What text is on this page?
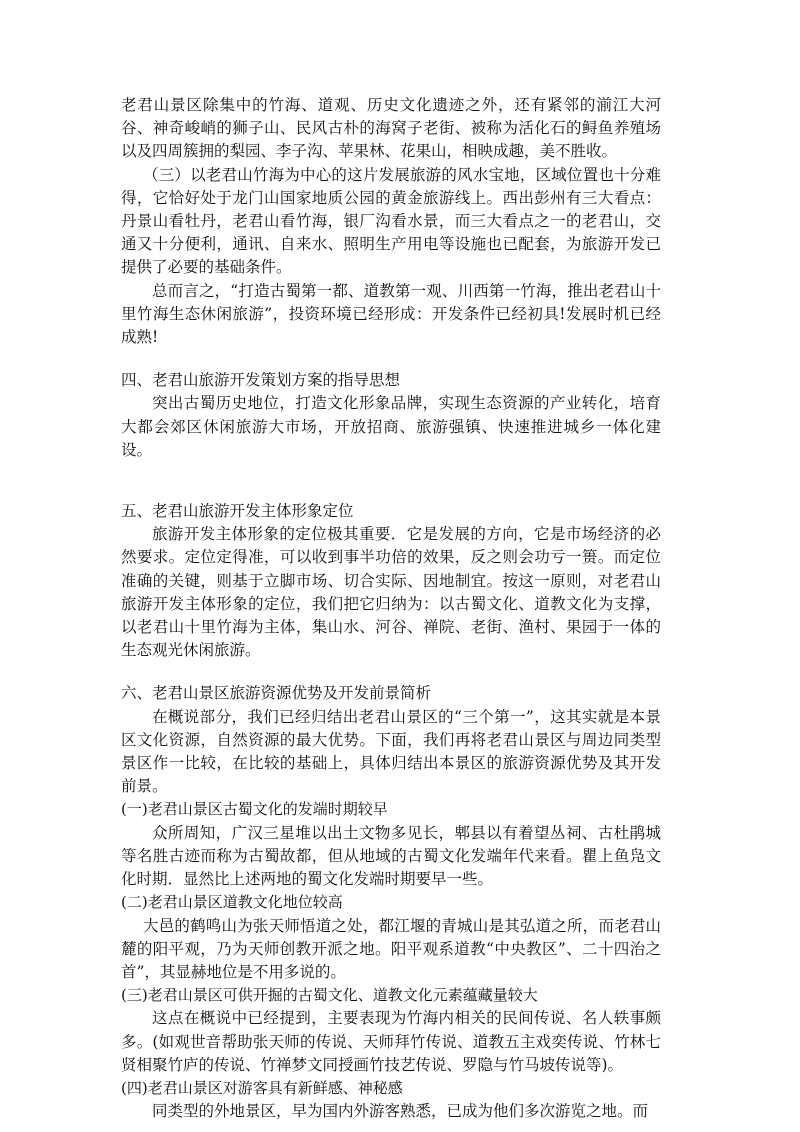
老君山景区除集中的竹海、道观、历史文化遗迹之外，还有紧邻的湔江大河谷、神奇峻峭的狮子山、民风古朴的海窝子老街、被称为活化石的鲟鱼养殖场以及四周簇拥的梨园、李子沟、苹果林、花果山，相映成趣，美不胜收。

（三）以老君山竹海为中心的这片发展旅游的风水宝地，区域位置也十分难得，它恰好处于龙门山国家地质公园的黄金旅游线上。西出彭州有三大看点：丹景山看牡丹，老君山看竹海，银厂沟看水景，而三大看点之一的老君山，交通又十分便利，通讯、自来水、照明生产用电等设施也已配套，为旅游开发已提供了必要的基础条件。

总而言之，“打造古蜀第一都、道教第一观、川西第一竹海，推出老君山十里竹海生态休闲旅游”，投资环境已经形成：开发条件已经初具!发展时机已经成熟!

四、老君山旅游开发策划方案的指导思想

突出古蜀历史地位，打造文化形象品牌，实现生态资源的产业转化，培育大都会郊区休闲旅游大市场，开放招商、旅游强镇、快速推进城乡一体化建设。

五、老君山旅游开发主体形象定位

旅游开发主体形象的定位极其重要．它是发展的方向，它是市场经济的必然要求。定位定得准，可以收到事半功倍的效果，反之则会功亏一篑。而定位准确的关键，则基于立脚市场、切合实际、因地制宜。按这一原则，对老君山旅游开发主体形象的定位，我们把它归纳为：以古蜀文化、道教文化为支撑，以老君山十里竹海为主体，集山水、河谷、禅院、老街、渔村、果园于一体的生态观光休闲旅游。

六、老君山景区旅游资源优势及开发前景简析

在概说部分，我们已经归结出老君山景区的“三个第一”，这其实就是本景区文化资源，自然资源的最大优势。下面，我们再将老君山景区与周边同类型景区作一比较，在比较的基础上，具体归结出本景区的旅游资源优势及其开发前景。

(一)老君山景区古蜀文化的发端时期较早

众所周知，广汉三星堆以出土文物多见长，郫县以有着望丛祠、古杜鹃城等名胜古迹而称为古蜀故都，但从地域的古蜀文化发端年代来看。瞿上鱼凫文化时期．显然比上述两地的蜀文化发端时期要早一些。

(二)老君山景区道教文化地位较高

大邑的鹤鸣山为张天师悟道之处，都江堰的青城山是其弘道之所，而老君山麓的阳平观，乃为天师创教开派之地。阳平观系道教“中央教区”、二十四治之首”，其显赫地位是不用多说的。

(三)老君山景区可供开掘的古蜀文化、道教文化元素蕴藏量较大

这点在概说中已经提到，主要表现为竹海内相关的民间传说、名人轶事颇多。(如观世音帮助张天师的传说、天师拜竹传说、道教五主戏奕传说、竹林七贤相聚竹庐的传说、竹禅梦文同授画竹技艺传说、罗隐与竹马坡传说等)。

(四)老君山景区对游客具有新鲜感、神秘感

同类型的外地景区，早为国内外游客熟悉，已成为他们多次游览之地。而
